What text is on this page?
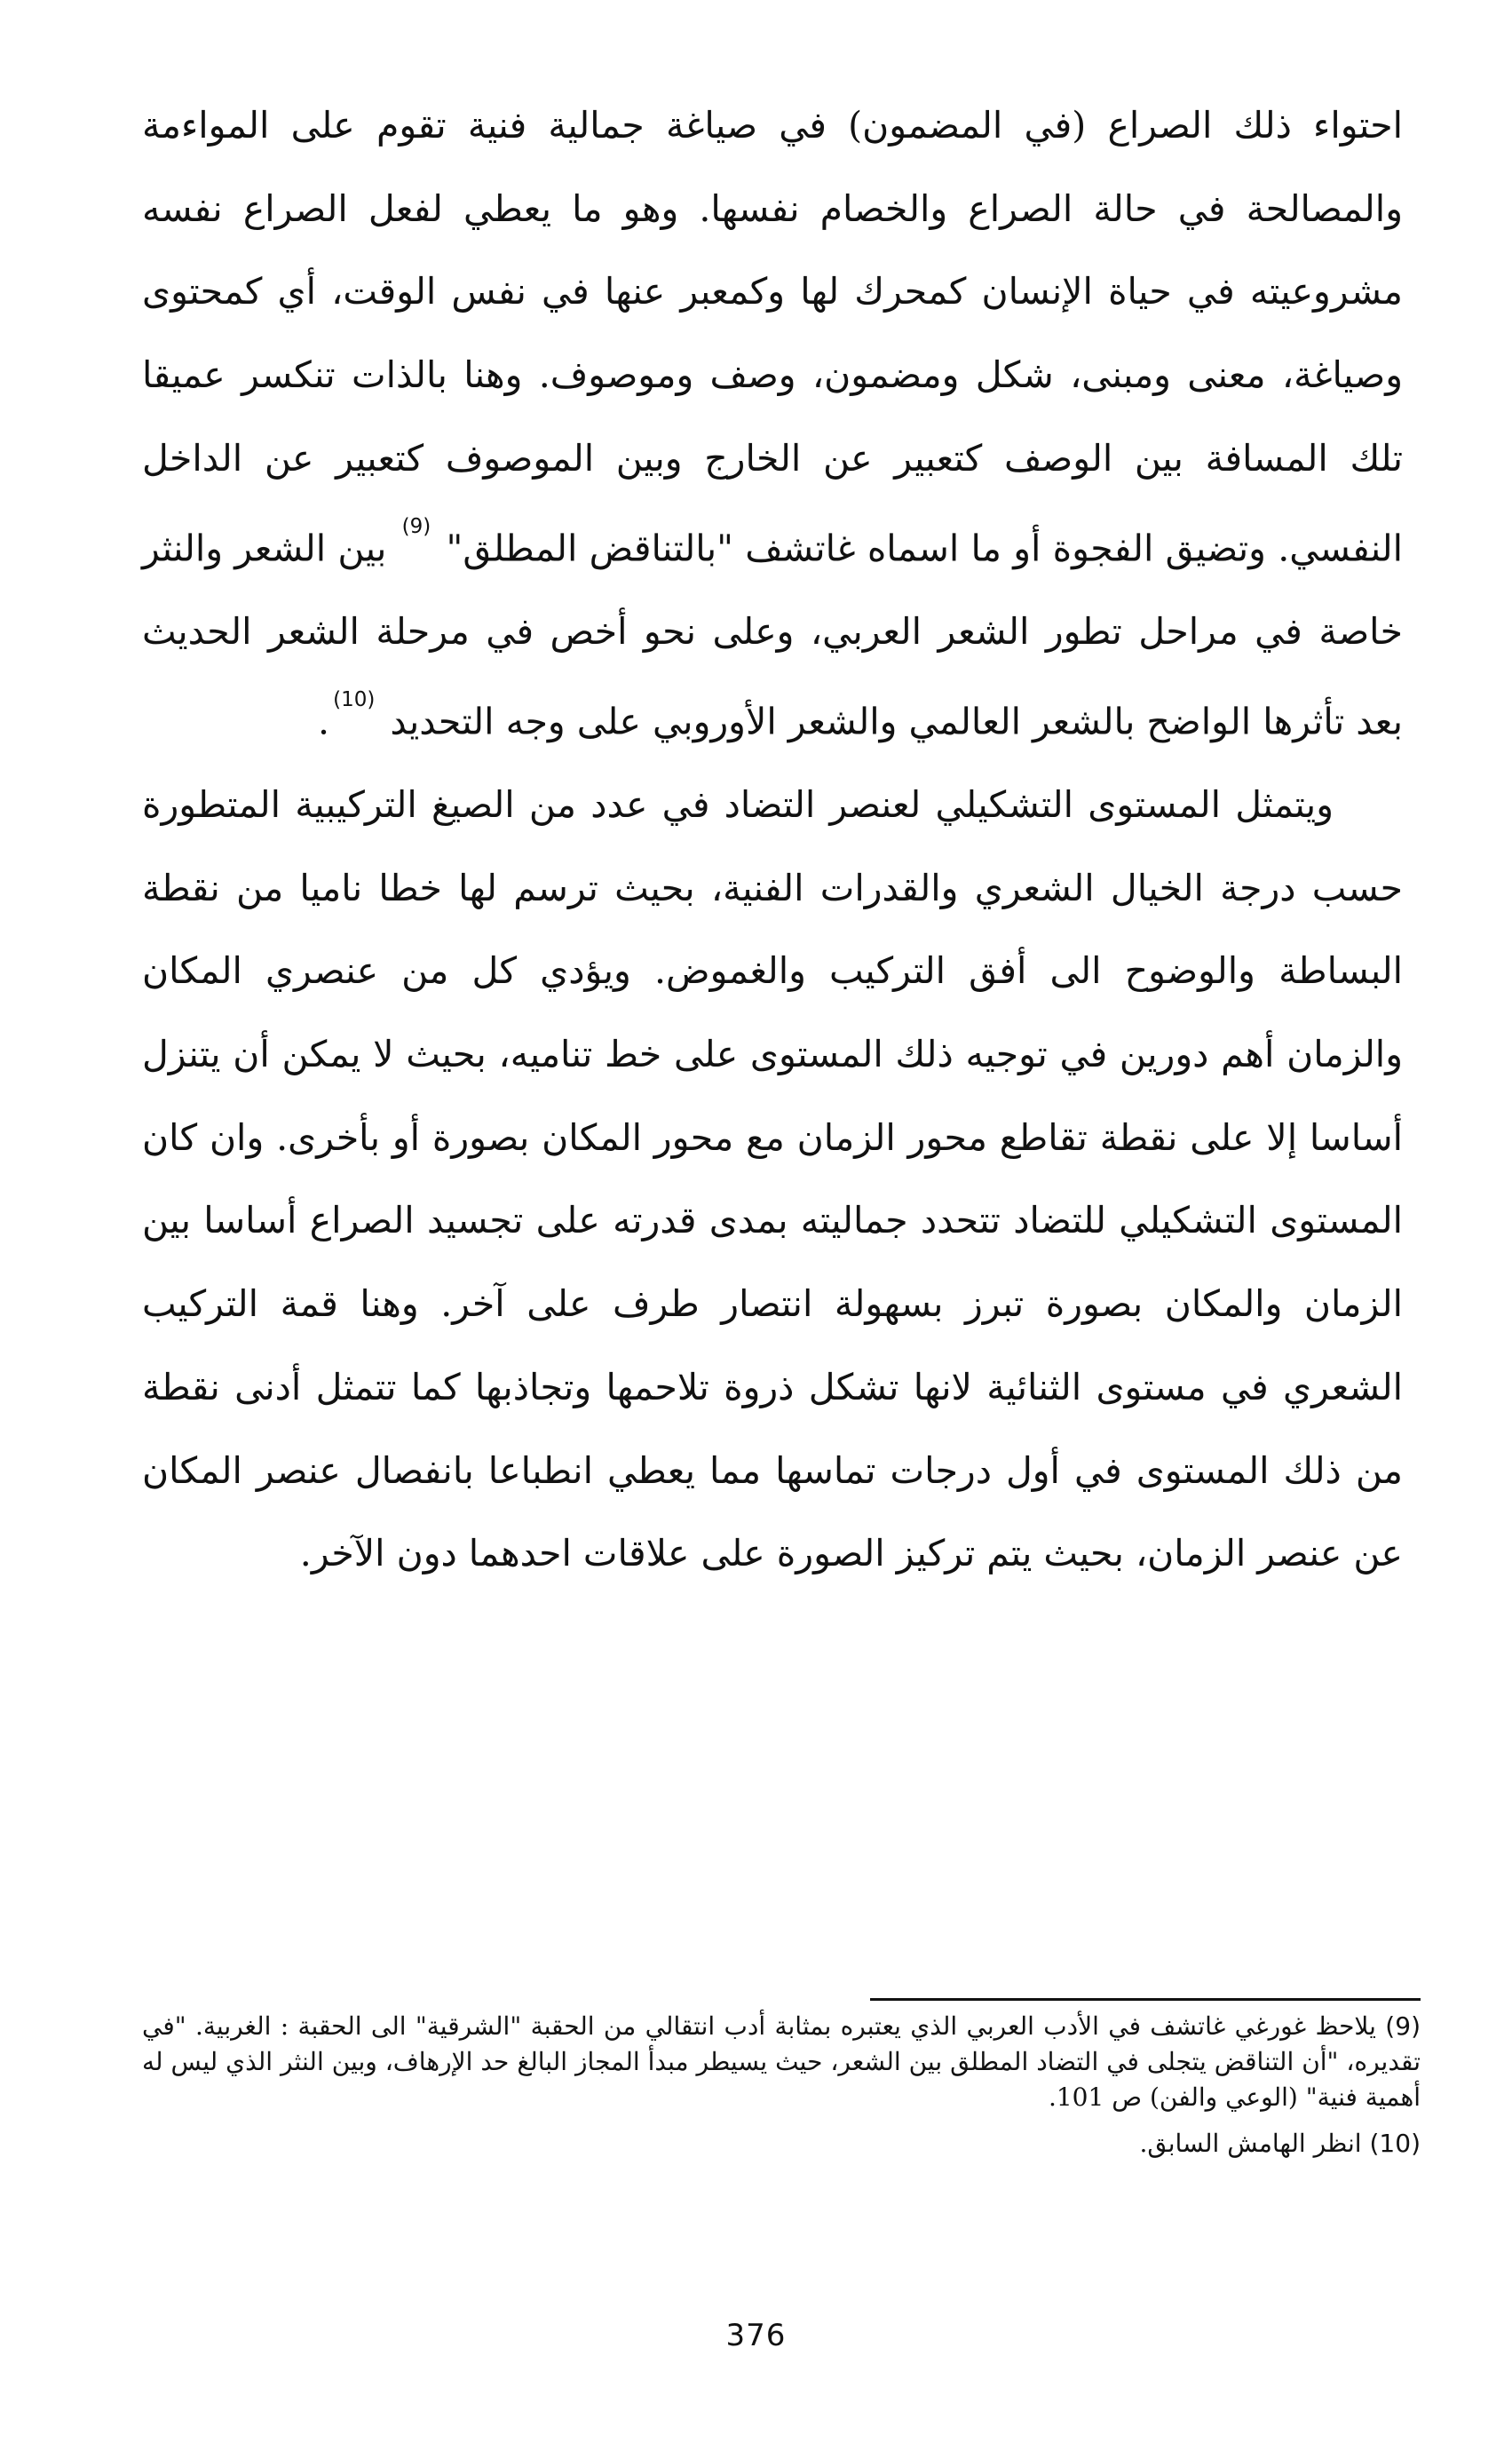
احتواء ذلك الصراع (في المضمون) في صياغة جمالية فنية تقوم على المواءمة والمصالحة في حالة الصراع والخصام نفسها. وهو ما يعطي لفعل الصراع نفسه مشروعيته في حياة الإنسان كمحرك لها وكمعبر عنها في نفس الوقت، أي كمحتوى وصياغة، معنى ومبنى، شكل ومضمون، وصف وموصوف. وهنا بالذات تنكسر عميقا تلك المسافة بين الوصف كتعبير عن الخارج وبين الموصوف كتعبير عن الداخل النفسي. وتضيق الفجوة أو ما اسماه غاتشف "بالتناقض المطلق" $^{(9)}$ بين الشعر والنثر خاصة في مراحل تطور الشعر العربي، وعلى نحو أخص في مرحلة الشعر الحديث بعد تأثرها الواضح بالشعر العالمي والشعر الأوروبي على وجه التحديد $^{(10)}$.

ويتمثل المستوى التشكيلي لعنصر التضاد في عدد من الصيغ التركيبية المتطورة حسب درجة الخيال الشعري والقدرات الفنية، بحيث ترسم لها خطا ناميا من نقطة البساطة والوضوح الى أفق التركيب والغموض. ويؤدي كل من عنصري المكان والزمان أهم دورين في توجيه ذلك المستوى على خط تناميه، بحيث لا يمكن أن يتنزل أساسا إلا على نقطة تقاطع محور الزمان مع محور المكان بصورة أو بأخرى. وان كان المستوى التشكيلي للتضاد تتحدد جماليته بمدى قدرته على تجسيد الصراع أساسا بين الزمان والمكان بصورة تبرز بسهولة انتصار طرف على آخر. وهنا قمة التركيب الشعري في مستوى الثنائية لانها تشكل ذروة تلاحمها وتجاذبها كما تتمثل أدنى نقطة من ذلك المستوى في أول درجات تماسها مما يعطي انطباعا بانفصال عنصر المكان عن عنصر الزمان، بحيث يتم تركيز الصورة على علاقات احدهما دون الآخر.

(9) يلاحظ غورغي غاتشف في الأدب العربي الذي يعتبره بمثابة أدب انتقالي من الحقبة "الشرقية" الى الحقبة : الغربية. "في تقديره، "أن التناقض يتجلى في التضاد المطلق بين الشعر، حيث يسيطر مبدأ المجاز البالغ حد الإرهاف، وبين النثر الذي ليس له أهمية فنية" (الوعي والفن) ص 101.

(10) انظر الهامش السابق.

376
